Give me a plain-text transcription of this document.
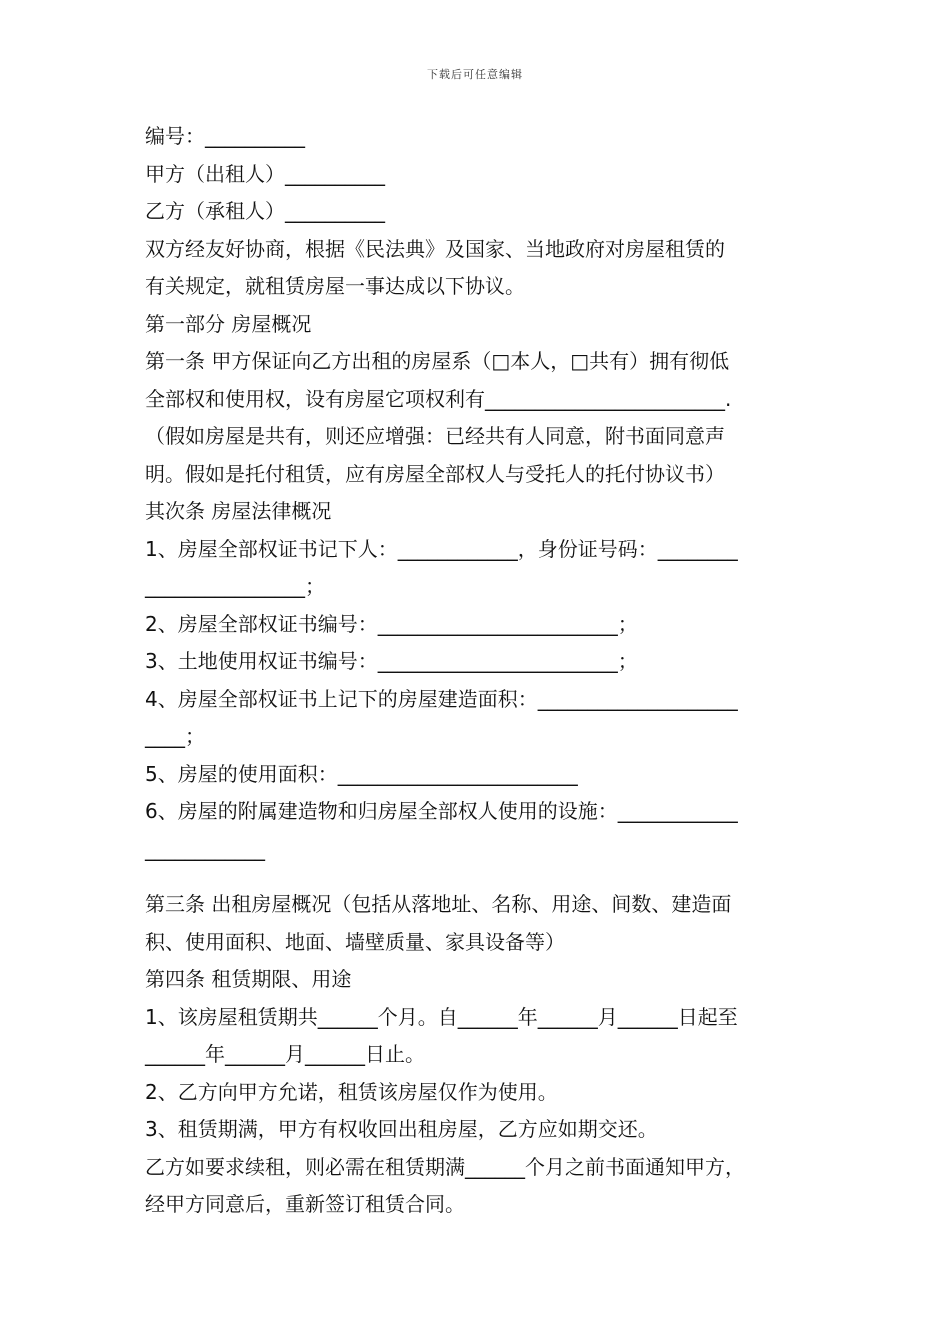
下载后可任意编辑
编号：__________
甲方（出租人）__________
乙方（承租人）__________
双方经友好协商，根据《民法典》及国家、当地政府对房屋租赁的
有关规定，就租赁房屋一事达成以下协议。
第一部分 房屋概况
第一条 甲方保证向乙方出租的房屋系（□本人，□共有）拥有彻低
全部权和使用权，设有房屋它项权利有________________________.
（假如房屋是共有，则还应增强：已经共有人同意，附书面同意声
明。假如是托付租赁，应有房屋全部权人与受托人的托付协议书）
其次条 房屋法律概况
1、房屋全部权证书记下人：____________，身份证号码：________
________________；
2、房屋全部权证书编号：________________________；
3、土地使用权证书编号：________________________；
4、房屋全部权证书上记下的房屋建造面积：____________________
____；
5、房屋的使用面积：________________________
6、房屋的附属建造物和归房屋全部权人使用的设施：____________
____________
第三条 出租房屋概况（包括从落地址、名称、用途、间数、建造面
积、使用面积、地面、墙壁质量、家具设备等）
第四条 租赁期限、用途
1、该房屋租赁期共______个月。自______年______月______日起至
______年______月______日止。
2、乙方向甲方允诺，租赁该房屋仅作为使用。
3、租赁期满，甲方有权收回出租房屋，乙方应如期交还。
乙方如要求续租，则必需在租赁期满______个月之前书面通知甲方，
经甲方同意后，重新签订租赁合同。
